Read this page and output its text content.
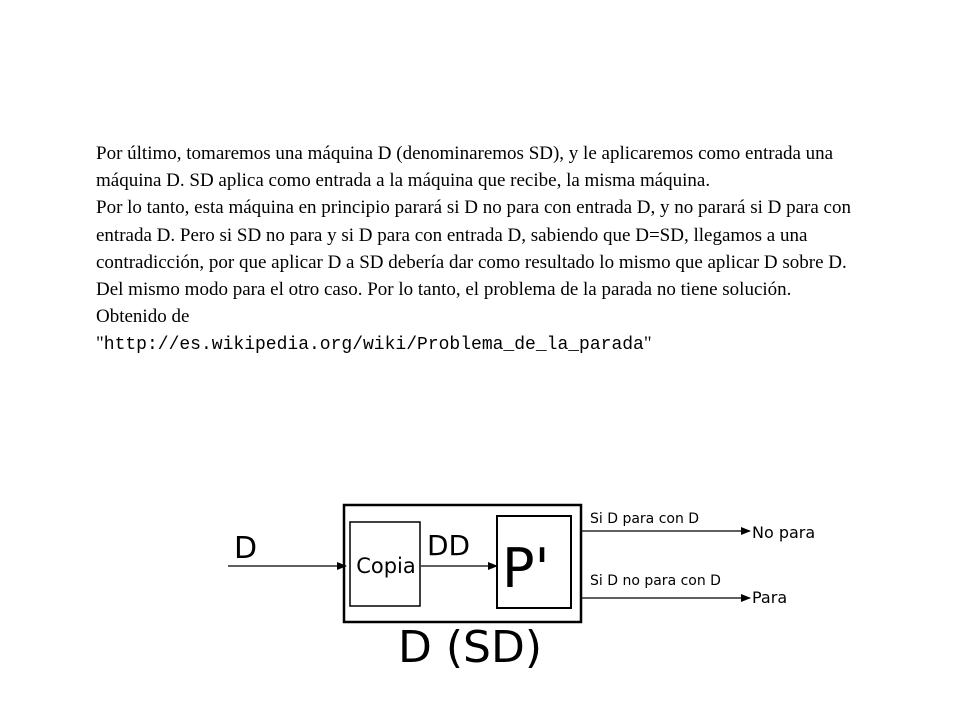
Por último, tomaremos una máquina D (denominaremos SD), y le aplicaremos como entrada una máquina D. SD aplica como entrada a la máquina que recibe, la misma máquina.

Por lo tanto, esta máquina en principio parará si D no para con entrada D, y no parará si D para con entrada D. Pero si SD no para y si D para con entrada D, sabiendo que D=SD, llegamos a una contradicción, por que aplicar D a SD debería dar como resultado lo mismo que aplicar D sobre D.

Del mismo modo para el otro caso. Por lo tanto, el problema de la parada no tiene solución.

Obtenido de

"http://es.wikipedia.org/wiki/Problema_de_la_parada"

D	Copia
DD P'
D (SD)
Si D para con D
No para
Si D no para con D
Para
